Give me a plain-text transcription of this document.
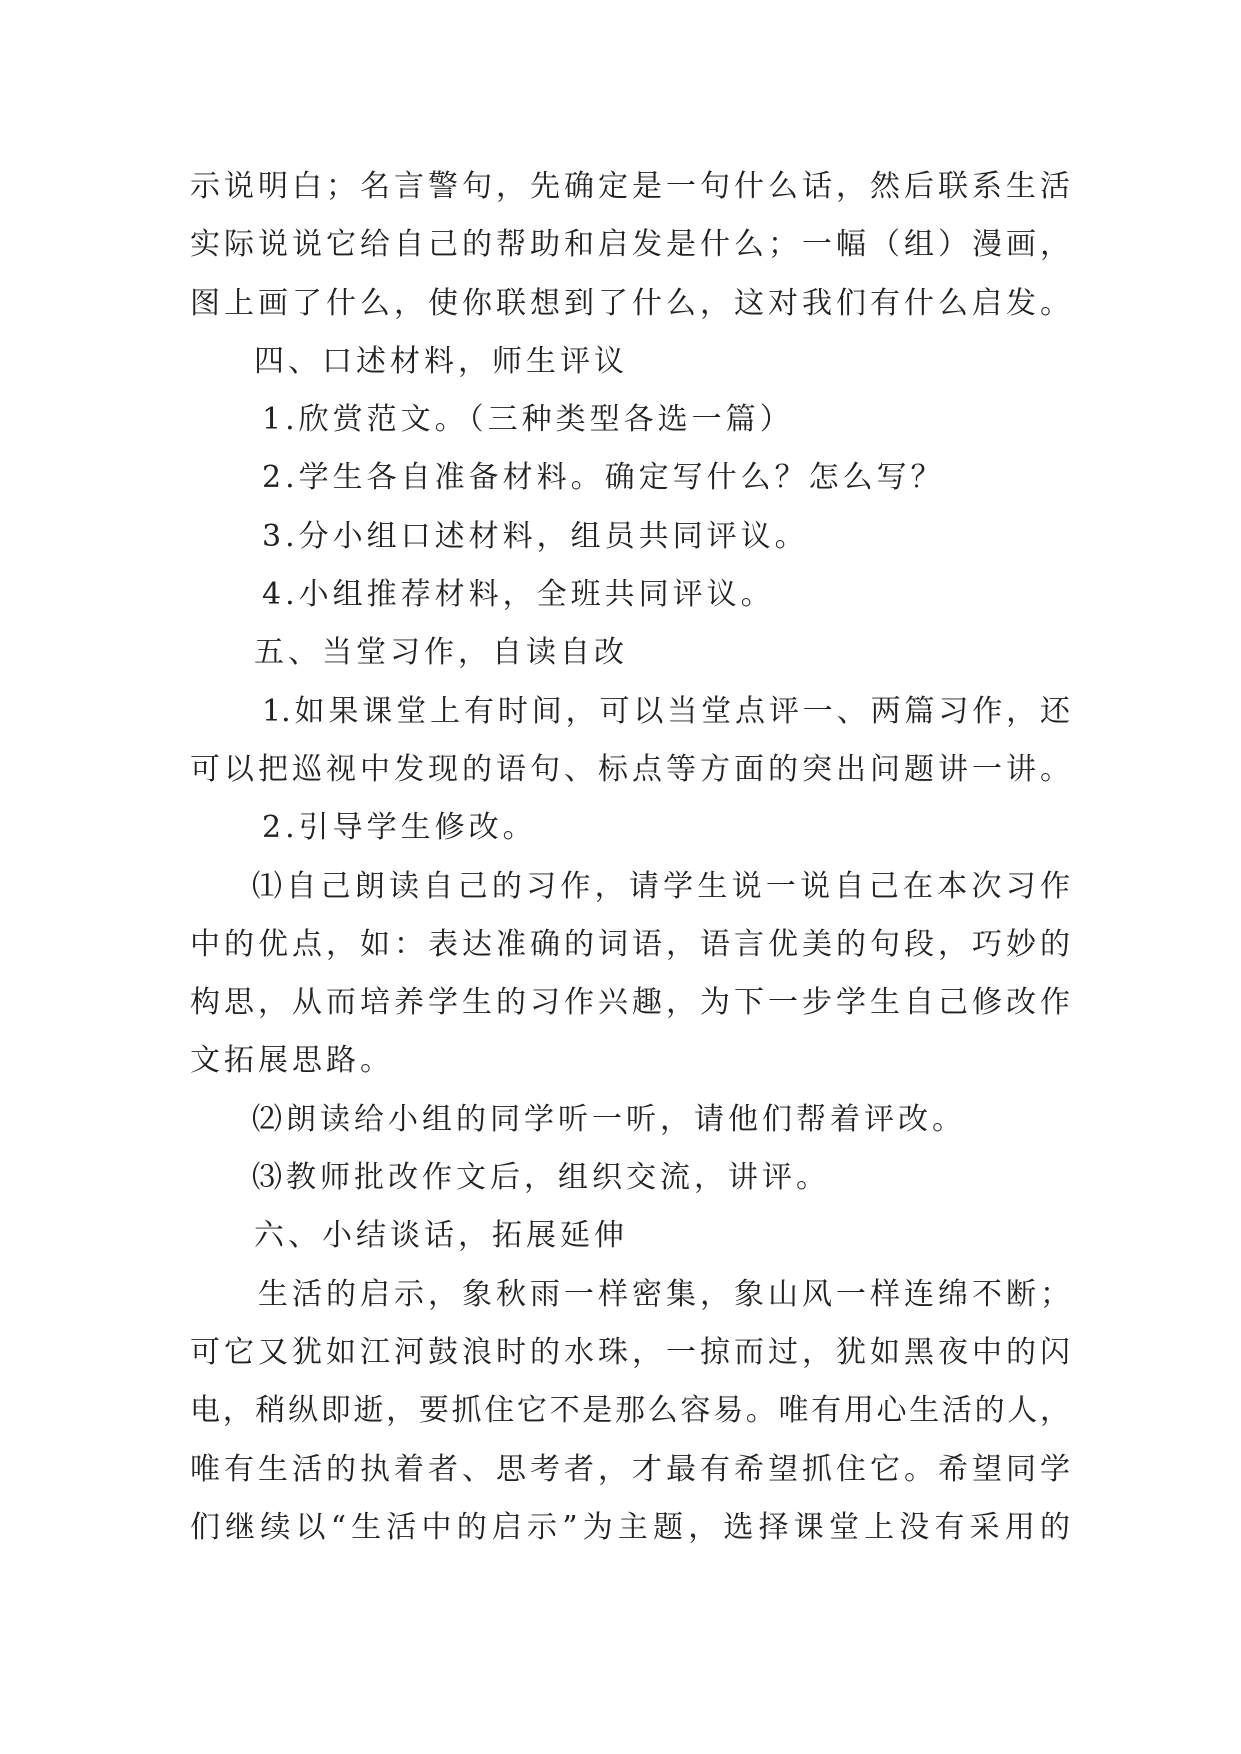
示说明白；名言警句，先确定是一句什么话，然后联系生活
实际说说它给自己的帮助和启发是什么；一幅（组）漫画，
图上画了什么，使你联想到了什么，这对我们有什么启发。
四、口述材料，师生评议
1.欣赏范文。（三种类型各选一篇）
2.学生各自准备材料。确定写什么？怎么写？
3.分小组口述材料，组员共同评议。
4.小组推荐材料，全班共同评议。
五、当堂习作，自读自改
1.如果课堂上有时间，可以当堂点评一、两篇习作，还
可以把巡视中发现的语句、标点等方面的突出问题讲一讲。
2.引导学生修改。
⑴自己朗读自己的习作，请学生说一说自己在本次习作
中的优点，如：表达准确的词语，语言优美的句段，巧妙的
构思，从而培养学生的习作兴趣，为下一步学生自己修改作
文拓展思路。
⑵朗读给小组的同学听一听，请他们帮着评改。
⑶教师批改作文后，组织交流，讲评。
六、小结谈话，拓展延伸
生活的启示，象秋雨一样密集，象山风一样连绵不断；
可它又犹如江河鼓浪时的水珠，一掠而过，犹如黑夜中的闪
电，稍纵即逝，要抓住它不是那么容易。唯有用心生活的人，
唯有生活的执着者、思考者，才最有希望抓住它。希望同学
们继续以“生活中的启示”为主题，选择课堂上没有采用的
